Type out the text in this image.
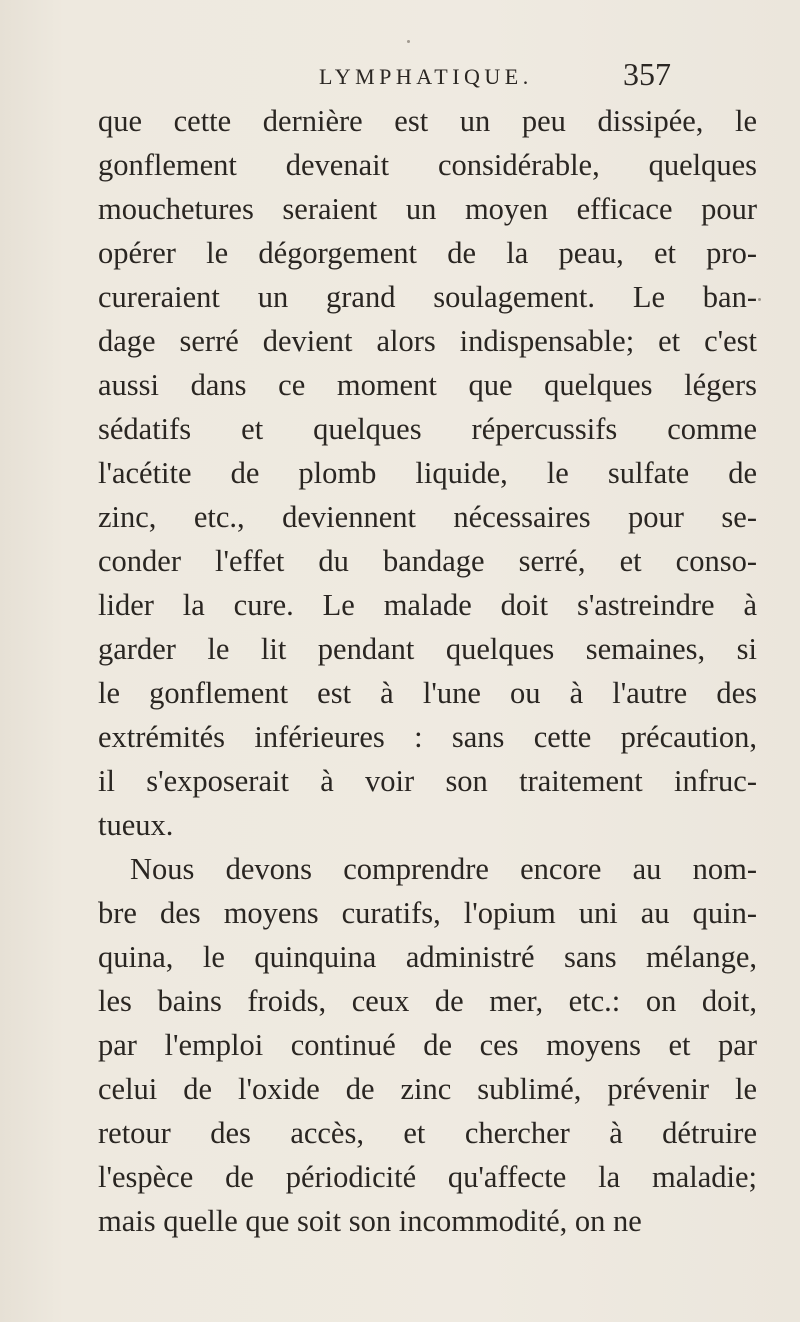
LYMPHATIQUE.	357
que cette dernière est un peu dissipée, le
gonflement devenait considérable, quelques
mouchetures seraient un moyen efficace pour
opérer le dégorgement de la peau, et pro-
cureraient un grand soulagement. Le ban-
dage serré devient alors indispensable; et c'est
aussi dans ce moment que quelques légers
sédatifs et quelques répercussifs comme
l'acétite de plomb liquide, le sulfate de
zinc, etc., deviennent nécessaires pour se-
conder l'effet du bandage serré, et conso-
lider la cure. Le malade doit s'astreindre à
garder le lit pendant quelques semaines, si
le gonflement est à l'une ou à l'autre des
extrémités inférieures : sans cette précaution,
il s'exposerait à voir son traitement infruc-
tueux.
Nous devons comprendre encore au nom-
bre des moyens curatifs, l'opium uni au quin-
quina, le quinquina administré sans mélange,
les bains froids, ceux de mer, etc.: on doit,
par l'emploi continué de ces moyens et par
celui de l'oxide de zinc sublimé, prévenir le
retour des accès, et chercher à détruire
l'espèce de périodicité qu'affecte la maladie;
mais quelle que soit son incommodité, on ne
